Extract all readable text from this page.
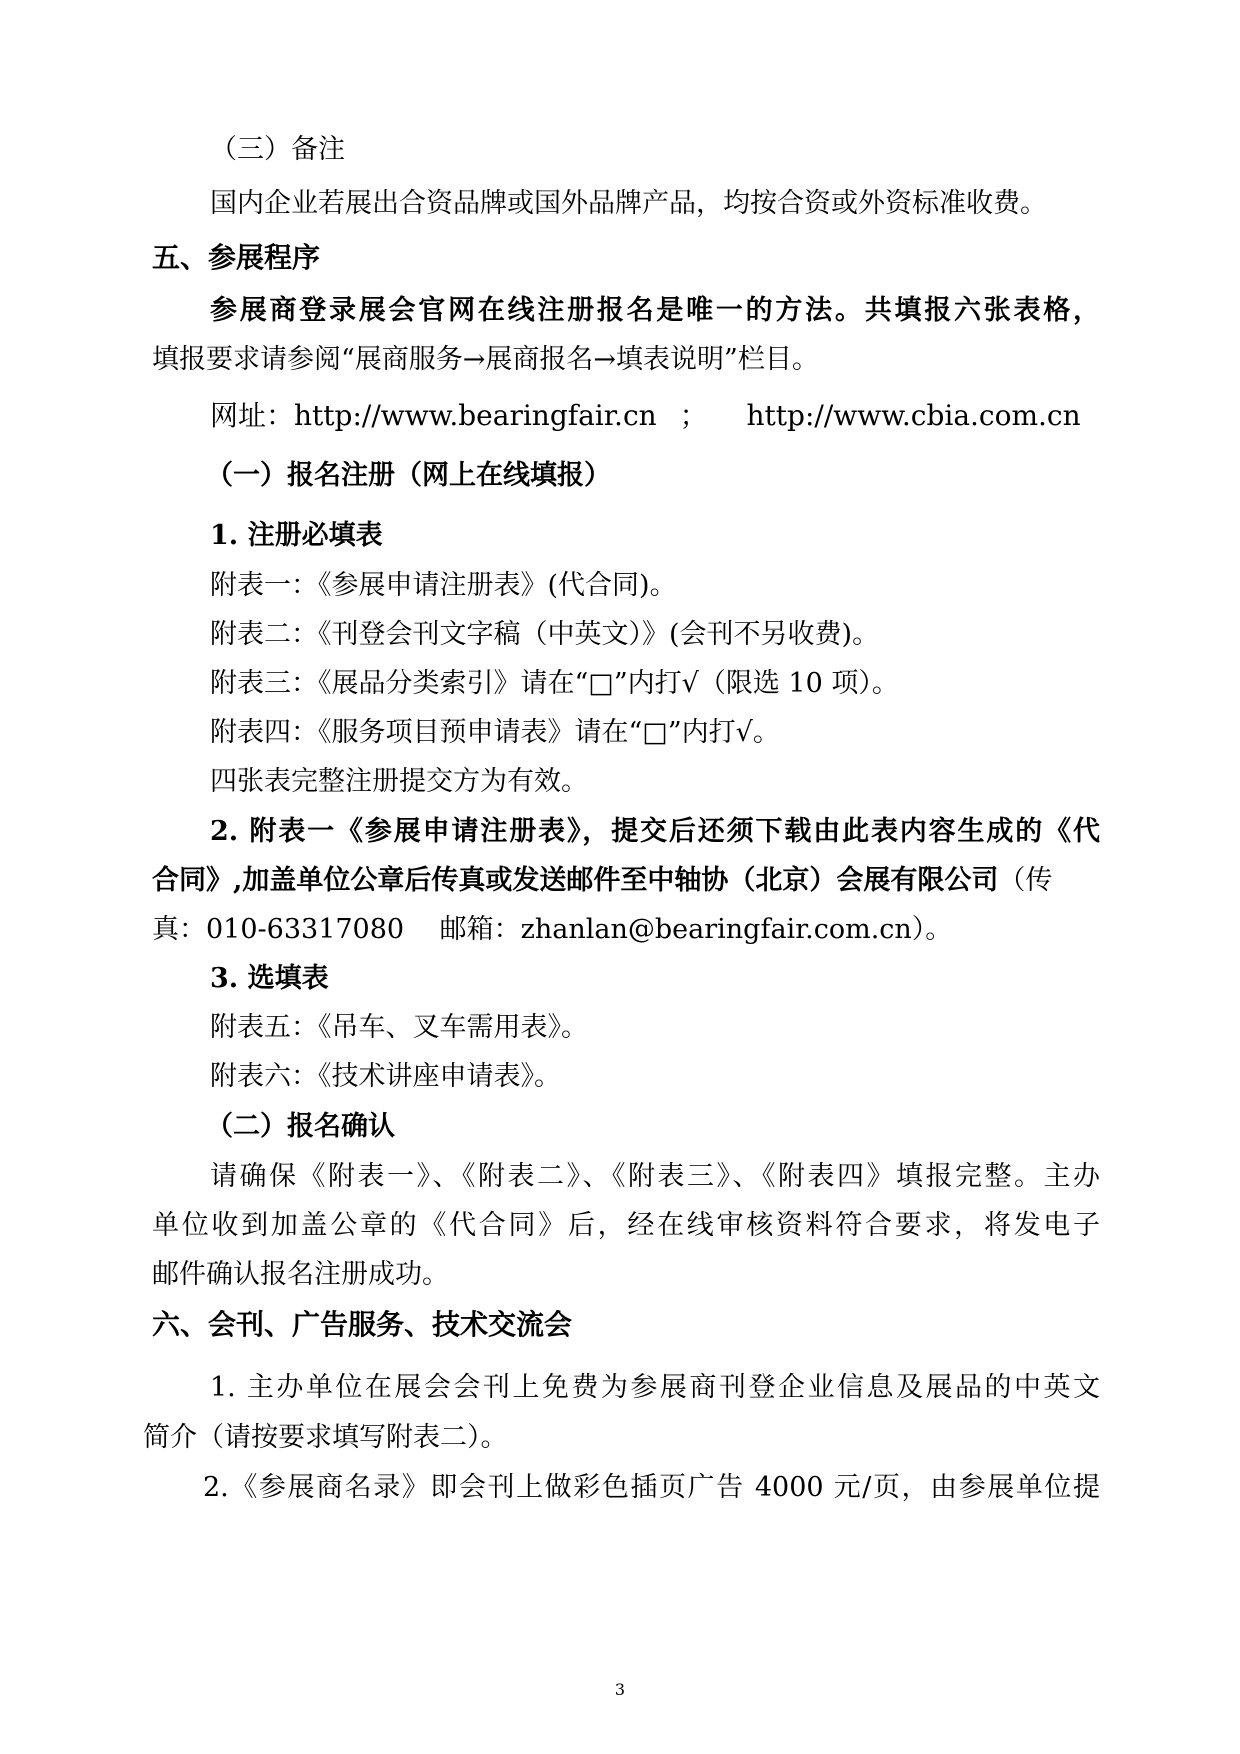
（三）备注
国内企业若展出合资品牌或国外品牌产品，均按合资或外资标准收费。
五、参展程序
参展商登录展会官网在线注册报名是唯一的方法。共填报六张表格，
填报要求请参阅“展商服务→展商报名→填表说明”栏目。
网址：http://www.bearingfair.cn ； http://www.cbia.com.cn
（一）报名注册（网上在线填报）
1. 注册必填表
附表一：《参展申请注册表》(代合同)。
附表二：《刊登会刊文字稿（中英文）》(会刊不另收费)。
附表三：《展品分类索引》请在“□”内打√（限选 10 项）。
附表四：《服务项目预申请表》请在“□”内打√。
四张表完整注册提交方为有效。
2. 附表一《参展申请注册表》，提交后还须下载由此表内容生成的《代
合同》,加盖单位公章后传真或发送邮件至中轴协（北京）会展有限公司（传
真：010-63317080　 邮箱：zhanlan@bearingfair.com.cn）。
3. 选填表
附表五：《吊车、叉车需用表》。
附表六：《技术讲座申请表》。
（二）报名确认
请确保《附表一》、《附表二》、《附表三》、《附表四》填报完整。主办
单位收到加盖公章的《代合同》后，经在线审核资料符合要求，将发电子
邮件确认报名注册成功。
六、会刊、广告服务、技术交流会
1. 主办单位在展会会刊上免费为参展商刊登企业信息及展品的中英文
简介（请按要求填写附表二）。
2.《参展商名录》即会刊上做彩色插页广告 4000 元/页，由参展单位提
3
